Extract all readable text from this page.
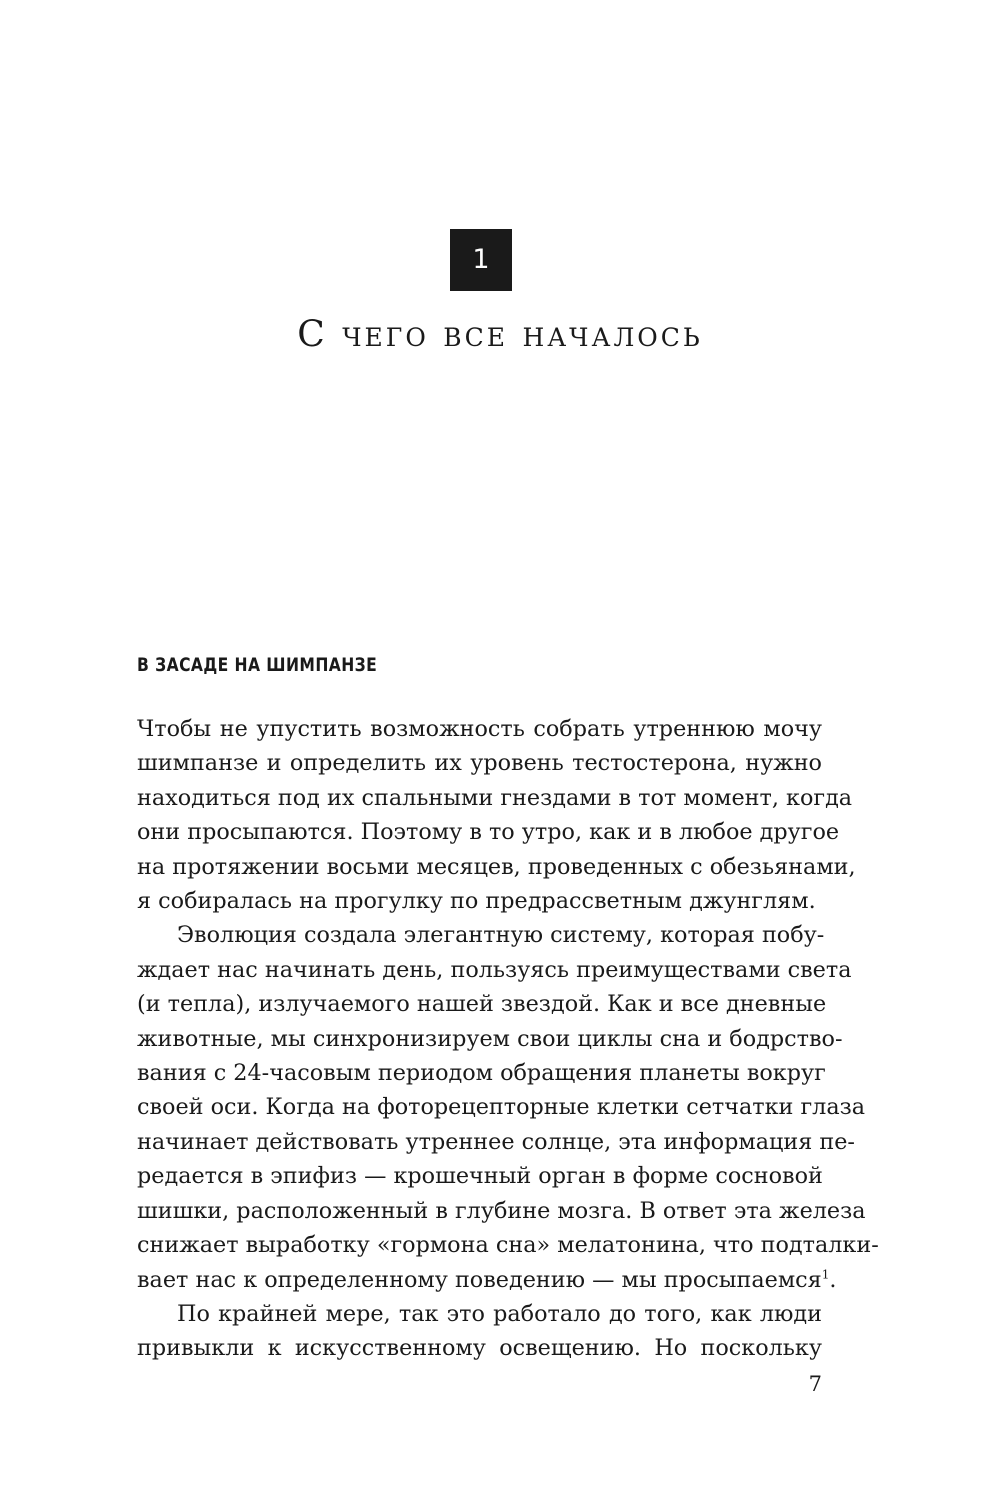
1
С чего все началось
В ЗАСАДЕ НА ШИМПАНЗЕ

Чтобы не упустить возможность собрать утреннюю мочу
шимпанзе и определить их уровень тестостерона, нужно
находиться под их спальными гнездами в тот момент, когда
они просыпаются. Поэтому в то утро, как и в любое другое
на протяжении восьми месяцев, проведенных с обезьянами,
я собиралась на прогулку по предрассветным джунглям.

Эволюция создала элегантную систему, которая побу-
ждает нас начинать день, пользуясь преимуществами света
(и тепла), излучаемого нашей звездой. Как и все дневные
животные, мы синхронизируем свои циклы сна и бодрство-
вания с 24-часовым периодом обращения планеты вокруг
своей оси. Когда на фоторецепторные клетки сетчатки глаза
начинает действовать утреннее солнце, эта информация пе-
редается в эпифиз — крошечный орган в форме сосновой
шишки, расположенный в глубине мозга. В ответ эта железа
снижает выработку «гормона сна» мелатонина, что подталки-
вает нас к определенному поведению — мы просыпаемся$^1$.

По крайней мере, так это работало до того, как люди
привыкли к искусственному освещению. Но поскольку

7
